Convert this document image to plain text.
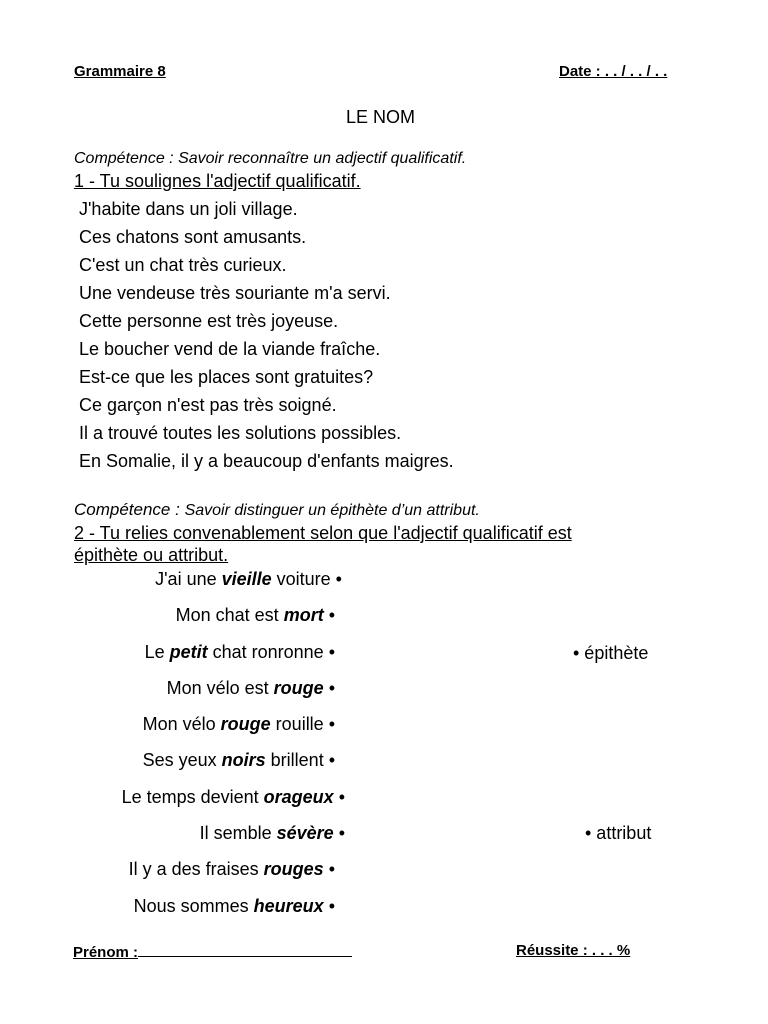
Grammaire 8	Date : . . / . . / . .
LE NOM
Compétence : Savoir reconnaître un adjectif qualificatif.
1 - Tu soulignes l'adjectif qualificatif.
J'habite dans un joli village.
Ces chatons sont amusants.
C'est un chat très curieux.
Une vendeuse très souriante m'a servi.
Cette personne est très joyeuse.
Le boucher vend de la viande fraîche.
Est-ce que les places sont gratuites?
Ce garçon n'est pas très soigné.
Il a trouvé toutes les solutions possibles.
En Somalie, il y a beaucoup d'enfants maigres.
Compétence : Savoir distinguer un épithète d’un attribut.
2 - Tu relies convenablement selon que l'adjectif qualificatif est
épithète ou attribut.
J'ai une vieille voiture •
Mon chat est mort •
Le petit chat ronronne •
Mon vélo est rouge •
Mon vélo rouge rouille •
Ses yeux noirs brillent •
Le temps devient orageux •
Il semble sévère •
Il y a des fraises rouges •
Nous sommes heureux •
• épithète
• attribut
Prénom :	Réussite : . . . %
